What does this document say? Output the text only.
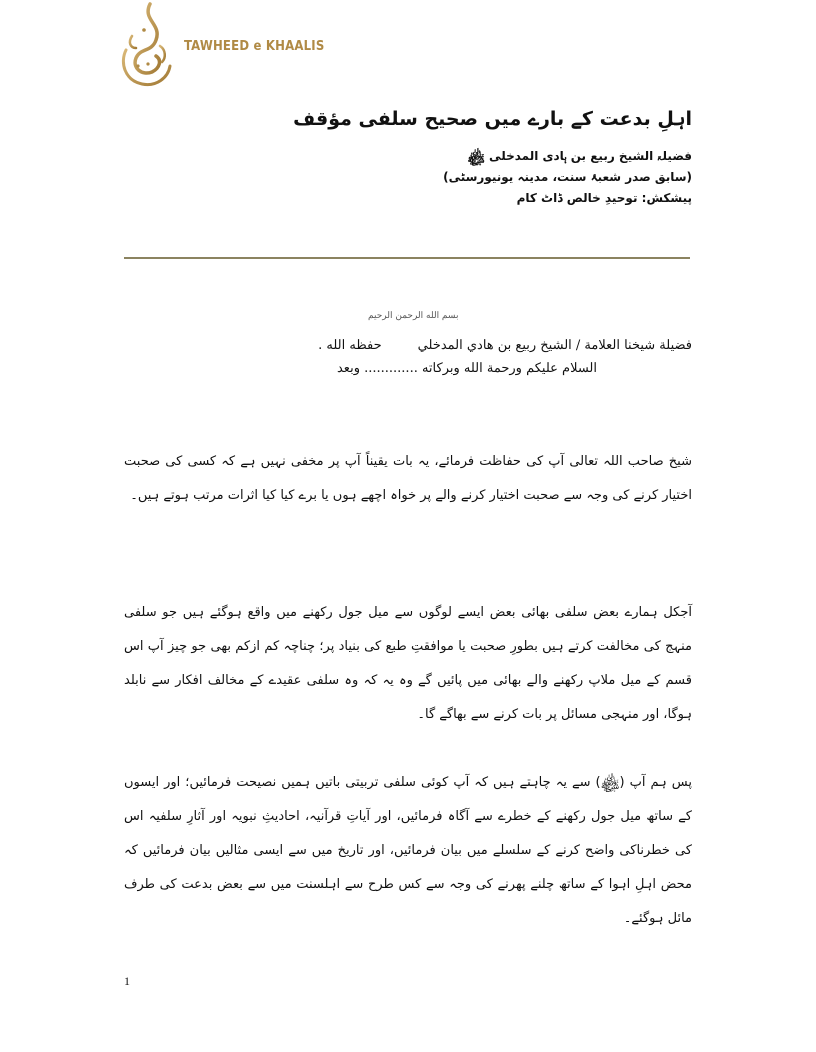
TAWHEED e KHAALIS
اہلِ بدعت کے بارے میں صحیح سلفی مؤقف

فضیلۃ الشیخ ربیع بن ہادی المدخلی ﷾

(سابق صدر شعبۂ سنت، مدینہ یونیورسٹی)

پیشکش: توحیدِ خالص ڈاٹ کام

بسم الله الرحمن الرحيم

فضيلة شيخنا العلامة / الشيخ ربيع بن هادي المدخليحفظه الله .

السلام عليكم ورحمة الله وبركاته ............. وبعد

شیخ صاحب اللہ تعالی آپ کی حفاظت فرمائے، یہ بات یقیناً آپ پر مخفی نہیں ہے کہ کسی کی صحبت اختیار کرنے کی وجہ سے صحبت اختیار کرنے والے پر خواہ اچھے ہوں یا برے کیا کیا اثرات مرتب ہوتے ہیں۔

آجکل ہمارے بعض سلفی بھائی بعض ایسے لوگوں سے میل جول رکھنے میں واقع ہوگئے ہیں جو سلفی منہج کی مخالفت کرتے ہیں بطورِ صحبت یا موافقتِ طبع کی بنیاد پر؛ چناچہ کم ازکم بھی جو چیز آپ اس قسم کے میل ملاپ رکھنے والے بھائی میں پائیں گے وہ یہ کہ وہ سلفی عقیدے کے مخالف افکار سے نابلد ہوگا، اور منہجی مسائل پر بات کرنے سے بھاگے گا۔

پس ہم آپ (﷾) سے یہ چاہتے ہیں کہ آپ کوئی سلفی تربیتی باتیں ہمیں نصیحت فرمائیں؛ اور ایسوں کے ساتھ میل جول رکھنے کے خطرے سے آگاہ فرمائیں، اور آیاتِ قرآنیہ، احادیثِ نبویہ اور آثارِ سلفیہ اس کی خطرناکی واضح کرنے کے سلسلے میں بیان فرمائیں، اور تاریخ میں سے ایسی مثالیں بیان فرمائیں کہ محض اہلِ اہوا کے ساتھ چلنے پھرنے کی وجہ سے کس طرح سے اہلسنت میں سے بعض بدعت کی طرف مائل ہوگئے۔

1
